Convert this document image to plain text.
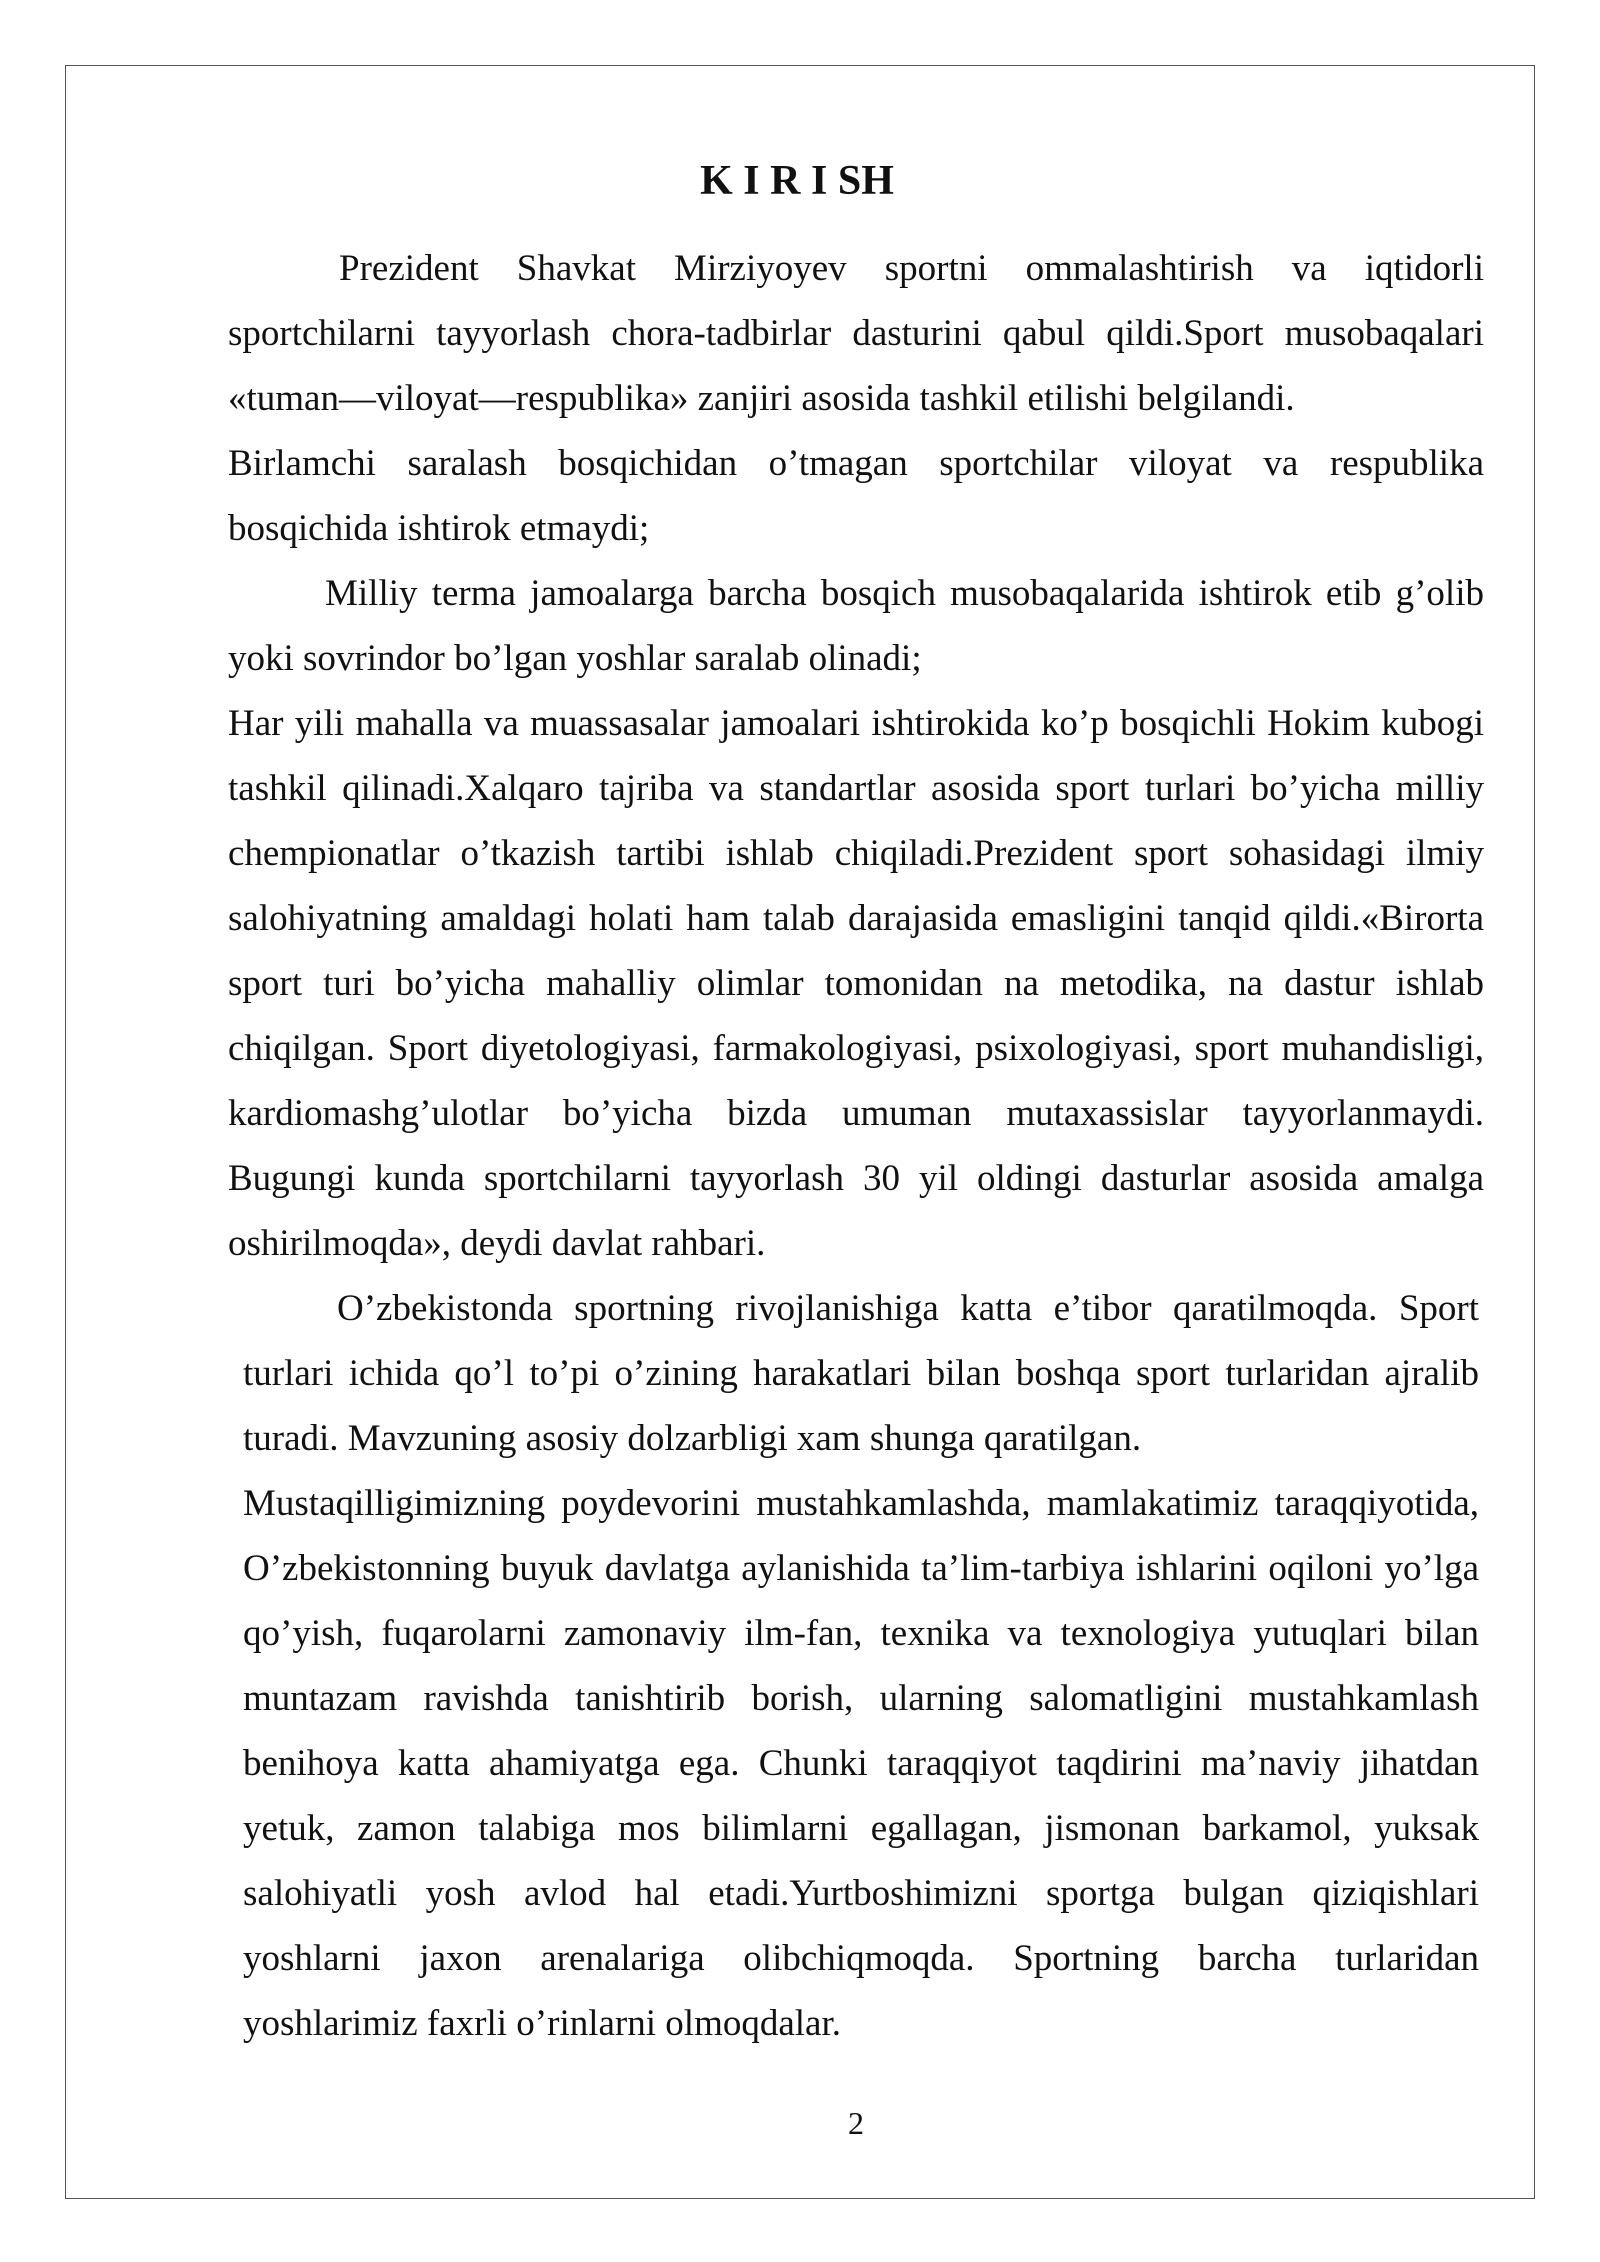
K I R I SH
Prezident Shavkat Mirziyoyev sportni ommalashtirish va iqtidorli
sportchilarni tayyorlash chora-tadbirlar dasturini qabul qildi.Sport musobaqalari
«tuman—viloyat—respublika» zanjiri asosida tashkil etilishi belgilandi.
Birlamchi saralash bosqichidan o’tmagan sportchilar viloyat va respublika
bosqichida ishtirok etmaydi;
Milliy terma jamoalarga barcha bosqich musobaqalarida ishtirok etib g’olib
yoki sovrindor bo’lgan yoshlar saralab olinadi;
Har yili mahalla va muassasalar jamoalari ishtirokida ko’p bosqichli Hokim kubogi
tashkil qilinadi.Xalqaro tajriba va standartlar asosida sport turlari bo’yicha milliy
chempionatlar o’tkazish tartibi ishlab chiqiladi.Prezident sport sohasidagi ilmiy
salohiyatning amaldagi holati ham talab darajasida emasligini tanqid qildi.«Birorta
sport turi bo’yicha mahalliy olimlar tomonidan na metodika, na dastur ishlab
chiqilgan. Sport diyetologiyasi, farmakologiyasi, psixologiyasi, sport muhandisligi,
kardiomashg’ulotlar bo’yicha bizda umuman mutaxassislar tayyorlanmaydi.
Bugungi kunda sportchilarni tayyorlash 30 yil oldingi dasturlar asosida amalga
oshirilmoqda», deydi davlat rahbari.
O’zbekistonda sportning rivojlanishiga katta e’tibor qaratilmoqda. Sport
turlari ichida qo’l to’pi o’zining harakatlari bilan boshqa sport turlaridan ajralib
turadi. Mavzuning asosiy dolzarbligi xam shunga qaratilgan.
Mustaqilligimizning poydevorini mustahkamlashda, mamlakatimiz taraqqiyotida,
O’zbekistonning buyuk davlatga aylanishida ta’lim-tarbiya ishlarini oqiloni yo’lga
qo’yish, fuqarolarni zamonaviy ilm-fan, texnika va texnologiya yutuqlari bilan
muntazam ravishda tanishtirib borish, ularning salomatligini mustahkamlash
benihoya katta ahamiyatga ega. Chunki taraqqiyot taqdirini ma’naviy jihatdan
yetuk, zamon talabiga mos bilimlarni egallagan, jismonan barkamol, yuksak
salohiyatli yosh avlod hal etadi.Yurtboshimizni sportga bulgan qiziqishlari
yoshlarni jaxon arenalariga olibchiqmoqda. Sportning barcha turlaridan
yoshlarimiz faxrli o’rinlarni olmoqdalar.
2
